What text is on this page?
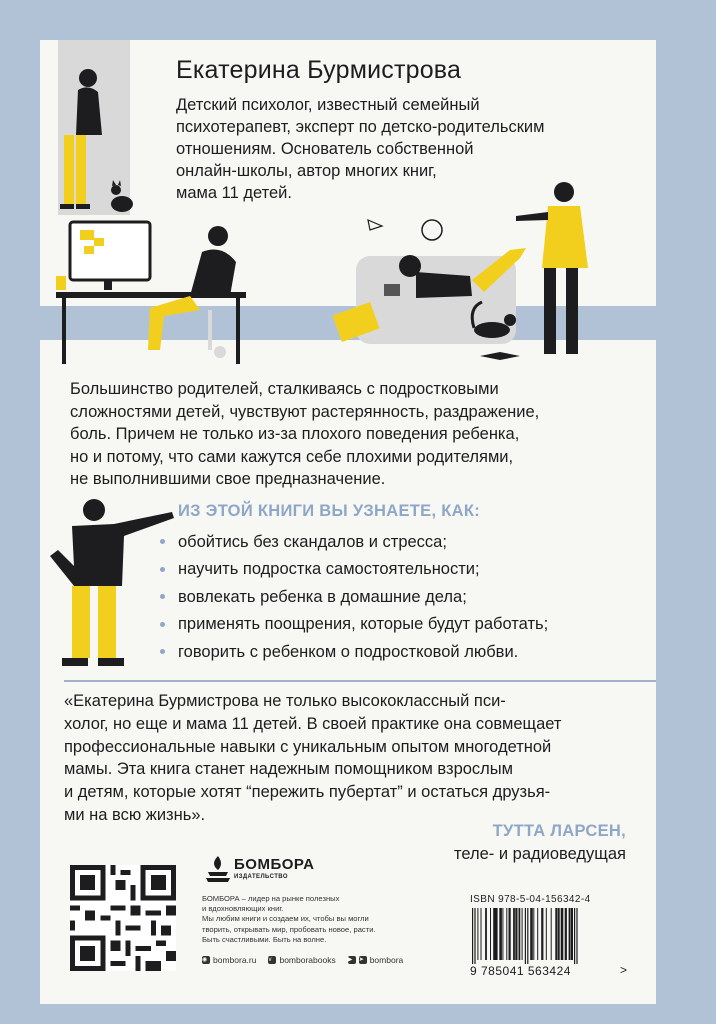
Екатерина Бурмистрова
Детский психолог, известный семейный
психотерапевт, эксперт по детско-родительским
отношениям. Основатель собственной
онлайн-школы, автор многих книг,
мама 11 детей.
Большинство родителей, сталкиваясь с подростковыми
сложностями детей, чувствуют растерянность, раздражение,
боль. Причем не только из-за плохого поведения ребенка,
но и потому, что сами кажутся себе плохими родителями,
не выполнившими свое предназначение.
ИЗ ЭТОЙ КНИГИ ВЫ УЗНАЕТЕ, КАК:
обойтись без скандалов и стресса;
научить подростка самостоятельности;
вовлекать ребенка в домашние дела;
применять поощрения, которые будут работать;
говорить с ребенком о подростковой любви.
«Екатерина Бурмистрова не только высококлассный пси-
холог, но еще и мама 11 детей. В своей практике она совмещает
профессиональные навыки с уникальным опытом многодетной
мамы. Эта книга станет надежным помощником взрослым
и детям, которые хотят “пережить пубертат” и остаться друзья-
ми на всю жизнь».
ТУТТА ЛАРСЕН,
теле- и радиоведущая
БОМБОРА
ИЗДАТЕЛЬСТВО
БОМБОРА – лидер на рынке полезных
и вдохновляющих книг.
Мы любим книги и создаем их, чтобы вы могли
творить, открывать мир, пробовать новое, расти.
Быть счастливыми. Быть на волне.
◉ bombora.ru v bomborabooks ▶	➤ bombora
ISBN 978-5-04-156342-4
9 785041 563424	>
